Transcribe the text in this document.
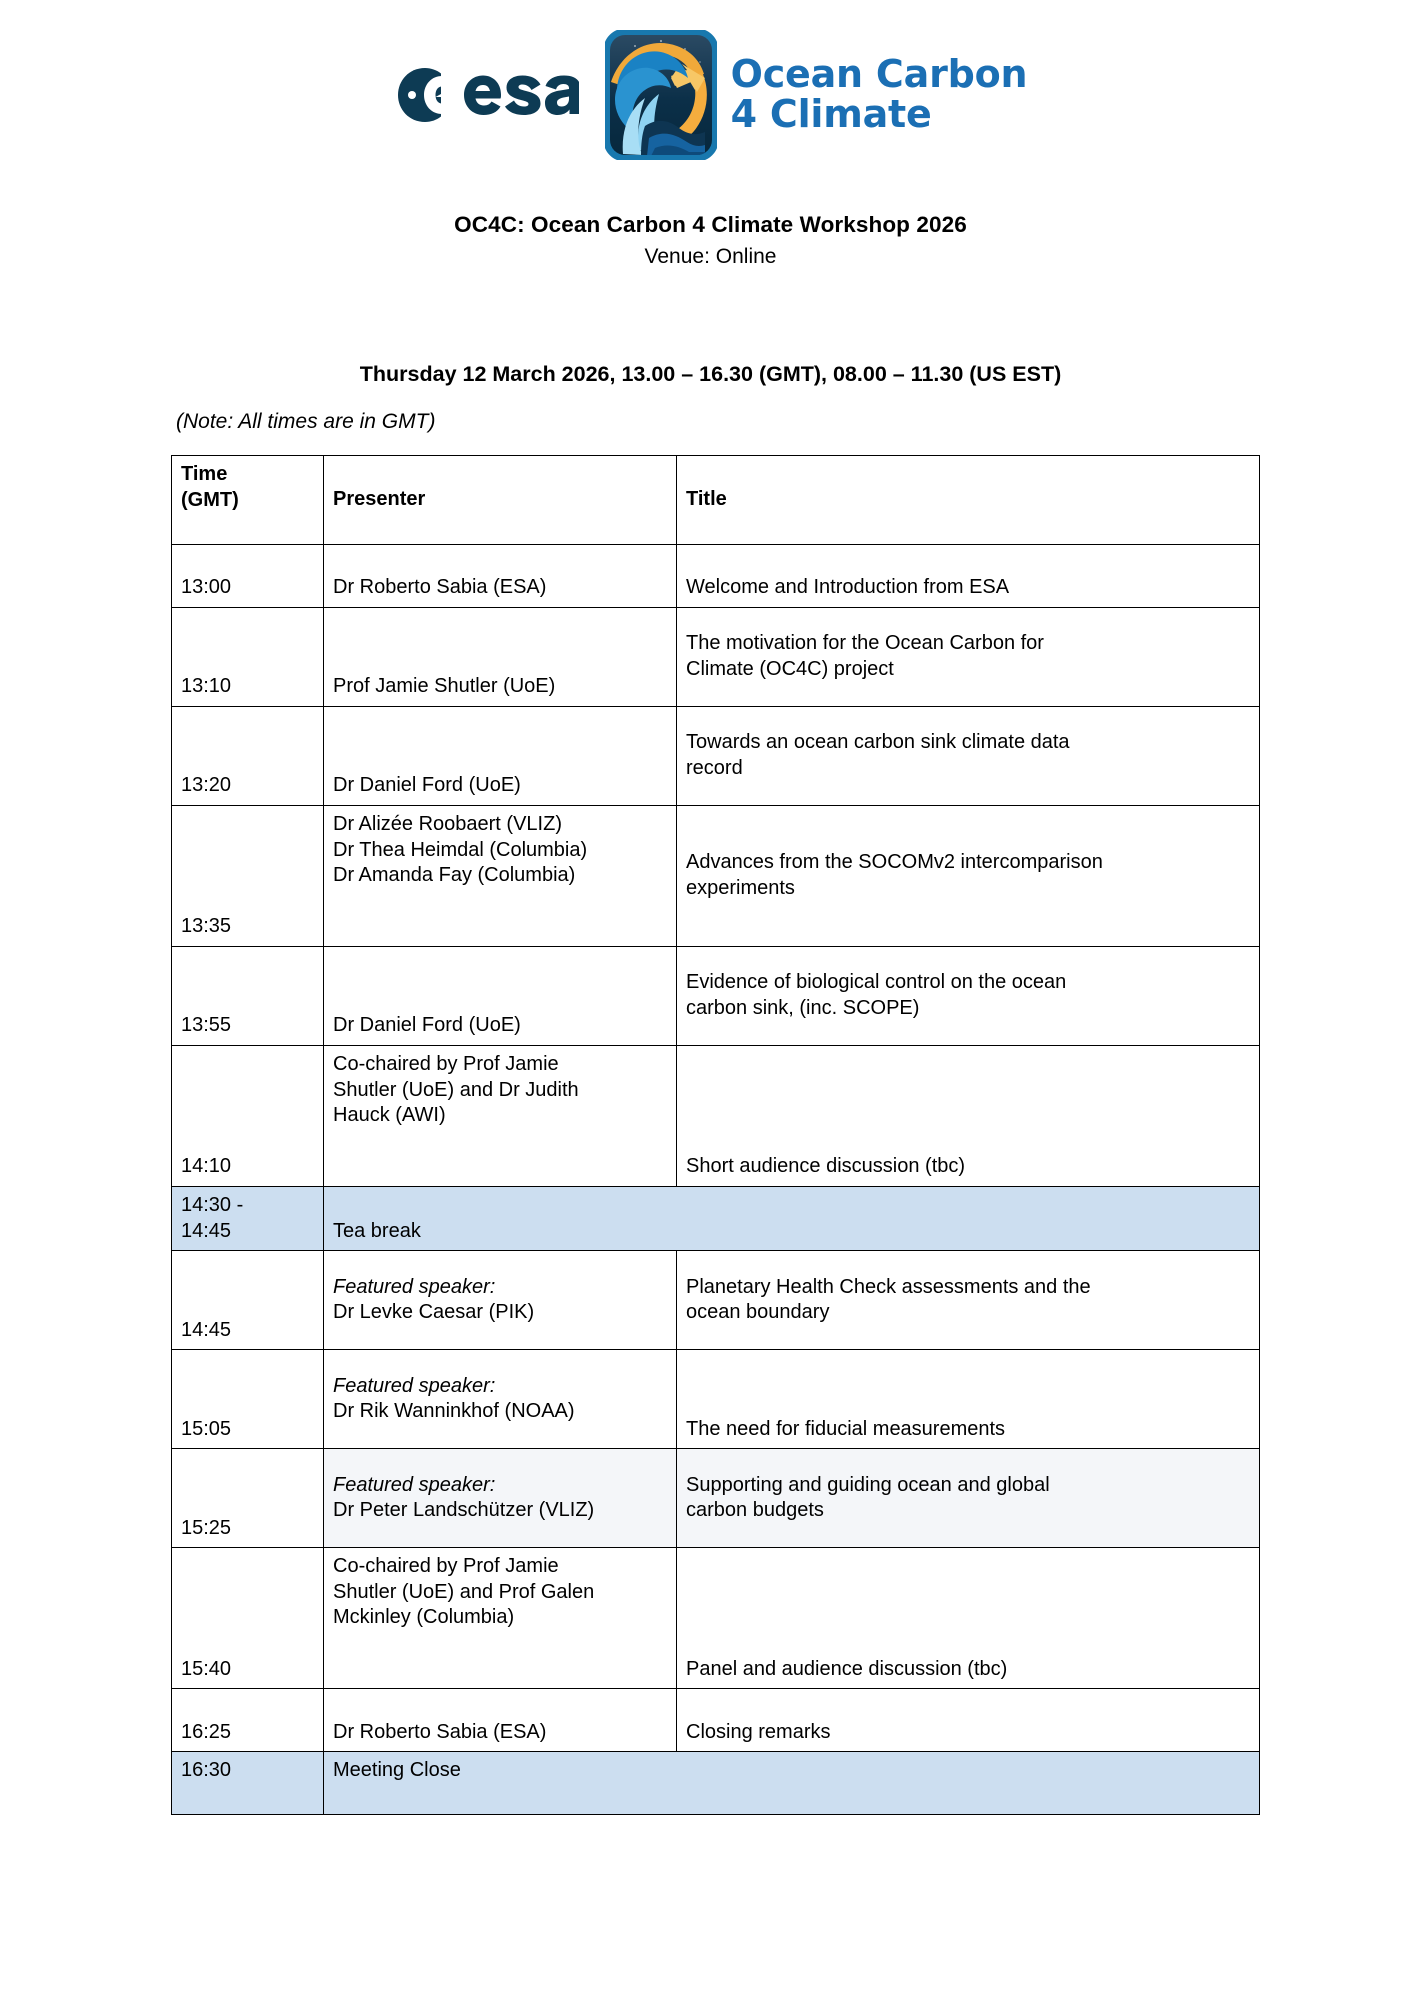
Ocean Carbon
4 Climate
OC4C: Ocean Carbon 4 Climate Workshop 2026
Venue: Online
Thursday 12 March 2026, 13.00 – 16.30 (GMT), 08.00 – 11.30 (US EST)
(Note: All times are in GMT)
Time
(GMT)	Presenter	Title
13:00	Dr Roberto Sabia (ESA)	Welcome and Introduction from ESA
13:10	Prof Jamie Shutler (UoE)	The motivation for the Ocean Carbon for
Climate (OC4C) project

13:20	Dr Daniel Ford (UoE)	Towards an ocean carbon sink climate data
record

13:35	Dr Alizée Roobaert (VLIZ)
Dr Thea Heimdal (Columbia)
Dr Amanda Fay (Columbia)	Advances from the SOCOMv2 intercomparison
experiments

13:55	Dr Daniel Ford (UoE)	Evidence of biological control on the ocean
carbon sink, (inc. SCOPE)

14:10	Co-chaired by Prof Jamie
Shutler (UoE) and Dr Judith
Hauck (AWI)	Short audience discussion (tbc)

14:30 -
14:45	Tea break	
14:45	Featured speaker:
Dr Levke Caesar (PIK)	Planetary Health Check assessments and the
ocean boundary

15:05	Featured speaker:
Dr Rik Wanninkhof (NOAA)	The need for fiducial measurements
15:25	Featured speaker:
Dr Peter Landschützer (VLIZ)	Supporting and guiding ocean and global
carbon budgets

15:40	Co-chaired by Prof Jamie
Shutler (UoE) and Prof Galen
Mckinley (Columbia)	Panel and audience discussion (tbc)
16:25	Dr Roberto Sabia (ESA)	Closing remarks
16:30	Meeting Close	
